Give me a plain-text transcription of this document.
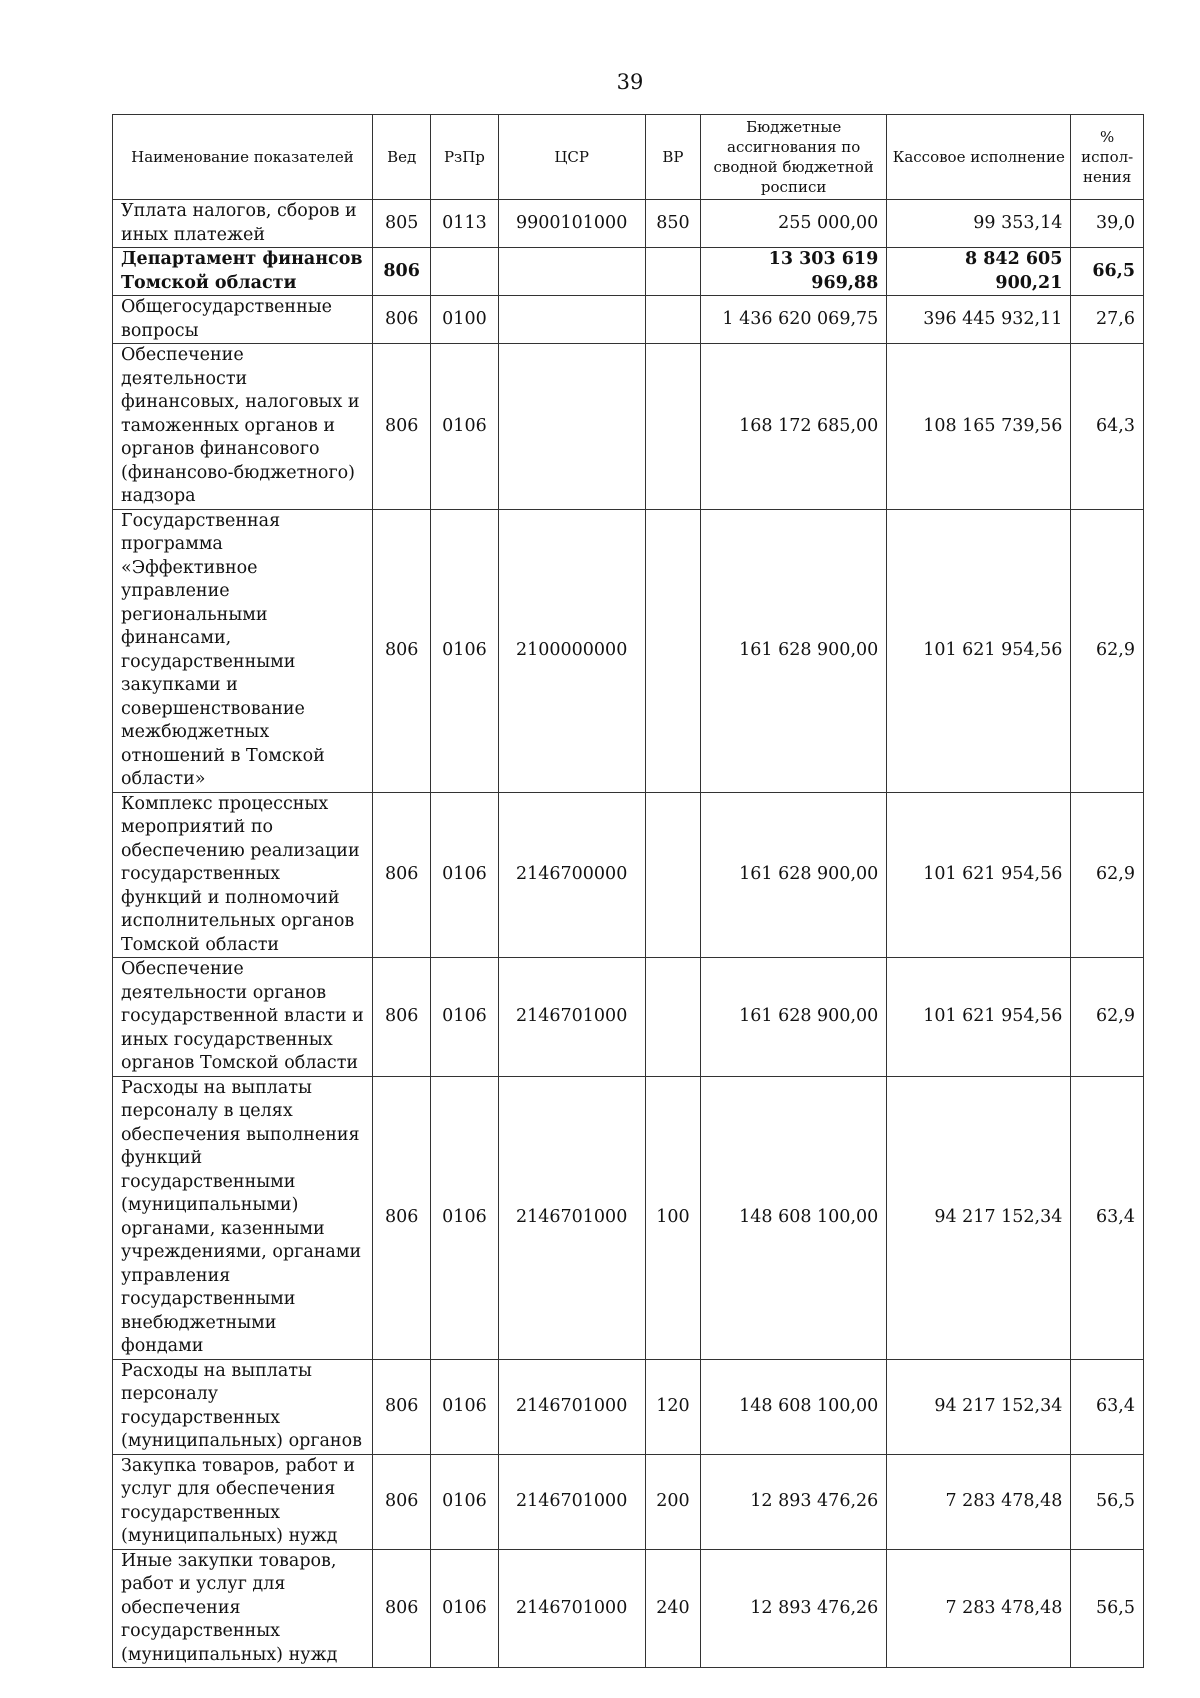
39
Наименование показателей	Вед	РзПр	ЦСР	ВР	Бюджетные ассигнования по сводной бюджетной росписи	Кассовое исполнение	% испол-нения
Уплата налогов, сборов и иных платежей	805	0113	9900101000	850	255 000,00	99 353,14	39,0
Департамент финансов Томской области	806				13 303 619 969,88	8 842 605 900,21	66,5
Общегосударственные вопросы	806	0100			1 436 620 069,75	396 445 932,11	27,6
Обеспечение деятельности финансовых, налоговых и таможенных органов и органов финансового (финансово-бюджетного) надзора	806	0106			168 172 685,00	108 165 739,56	64,3
Государственная программа «Эффективное управление региональными финансами, государственными закупками и совершенствование межбюджетных отношений в Томской области»	806	0106	2100000000		161 628 900,00	101 621 954,56	62,9
Комплекс процессных мероприятий по обеспечению реализации государственных функций и полномочий исполнительных органов Томской области	806	0106	2146700000		161 628 900,00	101 621 954,56	62,9
Обеспечение деятельности органов государственной власти и иных государственных органов Томской области	806	0106	2146701000		161 628 900,00	101 621 954,56	62,9
Расходы на выплаты персоналу в целях обеспечения выполнения функций государственными (муниципальными) органами, казенными учреждениями, органами управления государственными внебюджетными фондами	806	0106	2146701000	100	148 608 100,00	94 217 152,34	63,4
Расходы на выплаты персоналу государственных (муниципальных) органов	806	0106	2146701000	120	148 608 100,00	94 217 152,34	63,4
Закупка товаров, работ и услуг для обеспечения государственных (муниципальных) нужд	806	0106	2146701000	200	12 893 476,26	7 283 478,48	56,5
Иные закупки товаров, работ и услуг для обеспечения государственных (муниципальных) нужд	806	0106	2146701000	240	12 893 476,26	7 283 478,48	56,5
